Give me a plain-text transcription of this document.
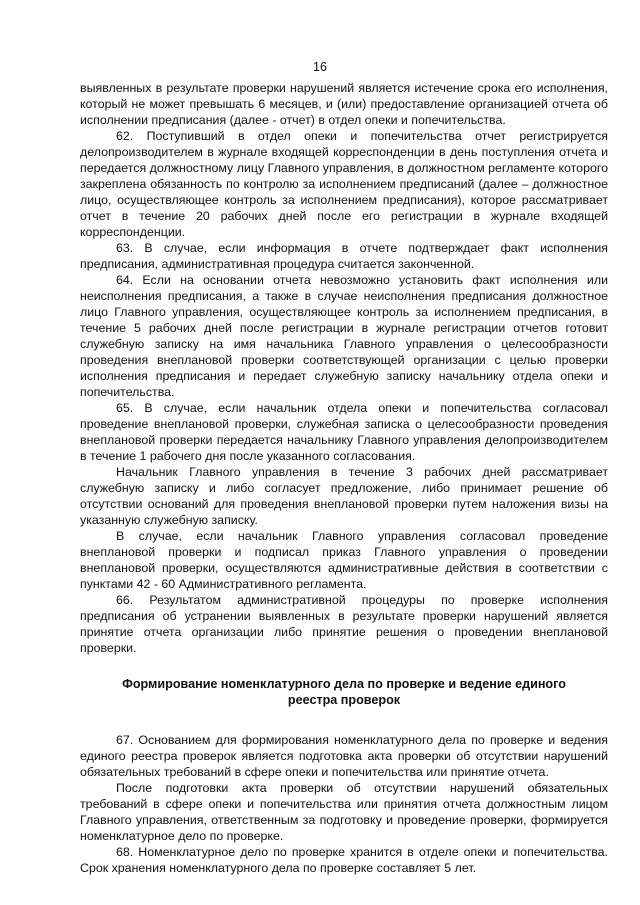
16

выявленных в результате проверки нарушений является истечение срока его исполнения, который не может превышать 6 месяцев, и (или) предоставление организацией отчета об исполнении предписания (далее - отчет) в отдел опеки и попечительства.

62. Поступивший в отдел опеки и попечительства отчет регистрируется делопроизводителем в журнале входящей корреспонденции в день поступления отчета и передается должностному лицу Главного управления, в должностном регламенте которого закреплена обязанность по контролю за исполнением предписаний (далее – должностное лицо, осуществляющее контроль за исполнением предписания), которое рассматривает отчет в течение 20 рабочих дней после его регистрации в журнале входящей корреспонденции.

63. В случае, если информация в отчете подтверждает факт исполнения предписания, административная процедура считается законченной.

64. Если на основании отчета невозможно установить факт исполнения или неисполнения предписания, а также в случае неисполнения предписания должностное лицо Главного управления, осуществляющее контроль за исполнением предписания, в течение 5 рабочих дней после регистрации в журнале регистрации отчетов готовит служебную записку на имя начальника Главного управления о целесообразности проведения внеплановой проверки соответствующей организации с целью проверки исполнения предписания и передает служебную записку начальнику отдела опеки и попечительства.

65. В случае, если начальник отдела опеки и попечительства согласовал проведение внеплановой проверки, служебная записка о целесообразности проведения внеплановой проверки передается начальнику Главного управления делопроизводителем в течение 1 рабочего дня после указанного согласования.

Начальник Главного управления в течение 3 рабочих дней рассматривает служебную записку и либо согласует предложение, либо принимает решение об отсутствии оснований для проведения внеплановой проверки путем наложения визы на указанную служебную записку.

В случае, если начальник Главного управления согласовал проведение внеплановой проверки и подписал приказ Главного управления о проведении внеплановой проверки, осуществляются административные действия в соответствии с пунктами 42 - 60 Административного регламента.

66. Результатом административной процедуры по проверке исполнения предписания об устранении выявленных в результате проверки нарушений является принятие отчета организации либо принятие решения о проведении внеплановой проверки.

Формирование номенклатурного дела по проверке и ведение единого реестра проверок

67. Основанием для формирования номенклатурного дела по проверке и ведения единого реестра проверок является подготовка акта проверки об отсутствии нарушений обязательных требований в сфере опеки и попечительства или принятие отчета.

После подготовки акта проверки об отсутствии нарушений обязательных требований в сфере опеки и попечительства или принятия отчета должностным лицом Главного управления, ответственным за подготовку и проведение проверки, формируется номенклатурное дело по проверке.

68. Номенклатурное дело по проверке хранится в отделе опеки и попечительства. Срок хранения номенклатурного дела по проверке составляет 5 лет.
